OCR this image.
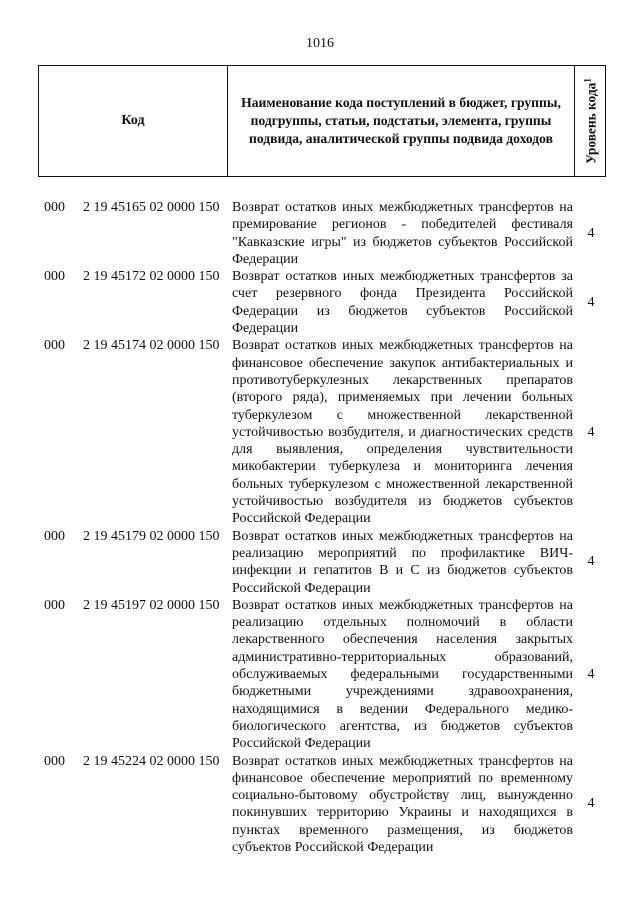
1016
Код
Наименование кода поступлений в бюджет, группы, подгруппы, статьи, подстатьи, элемента, группы подвида, аналитической группы подвида доходов	Уровень кода$^1$
000 2 19 45165 02 0000 150 Возврат остатков иных межбюджетных трансфертов на премирование регионов - победителей фестиваля "Кавказские игры" из бюджетов субъектов Российской Федерации
4
000 2 19 45172 02 0000 150 Возврат остатков иных межбюджетных трансфертов за счет резервного фонда Президента Российской Федерации из бюджетов субъектов Российской Федерации
4
000 2 19 45174 02 0000 150 Возврат остатков иных межбюджетных трансфертов на финансовое обеспечение закупок антибактериальных и противотуберкулезных лекарственных препаратов (второго ряда), применяемых при лечении больных туберкулезом с множественной лекарственной устойчивостью возбудителя, и диагностических средств для выявления, определения чувствительности микобактерии туберкулеза и мониторинга лечения больных туберкулезом с множественной лекарственной устойчивостью возбудителя из бюджетов субъектов Российской Федерации
4
000 2 19 45179 02 0000 150 Возврат остатков иных межбюджетных трансфертов на реализацию мероприятий по профилактике ВИЧ-инфекции и гепатитов B и C из бюджетов субъектов Российской Федерации
4
000 2 19 45197 02 0000 150 Возврат остатков иных межбюджетных трансфертов на реализацию отдельных полномочий в области лекарственного обеспечения населения закрытых административно-территориальных образований, обслуживаемых федеральными государственными бюджетными учреждениями здравоохранения, находящимися в ведении Федерального медико-биологического агентства, из бюджетов субъектов Российской Федерации
4
000 2 19 45224 02 0000 150 Возврат остатков иных межбюджетных трансфертов на финансовое обеспечение мероприятий по временному социально-бытовому обустройству лиц, вынужденно покинувших территорию Украины и находящихся в пунктах временного размещения, из бюджетов субъектов Российской Федерации
4
